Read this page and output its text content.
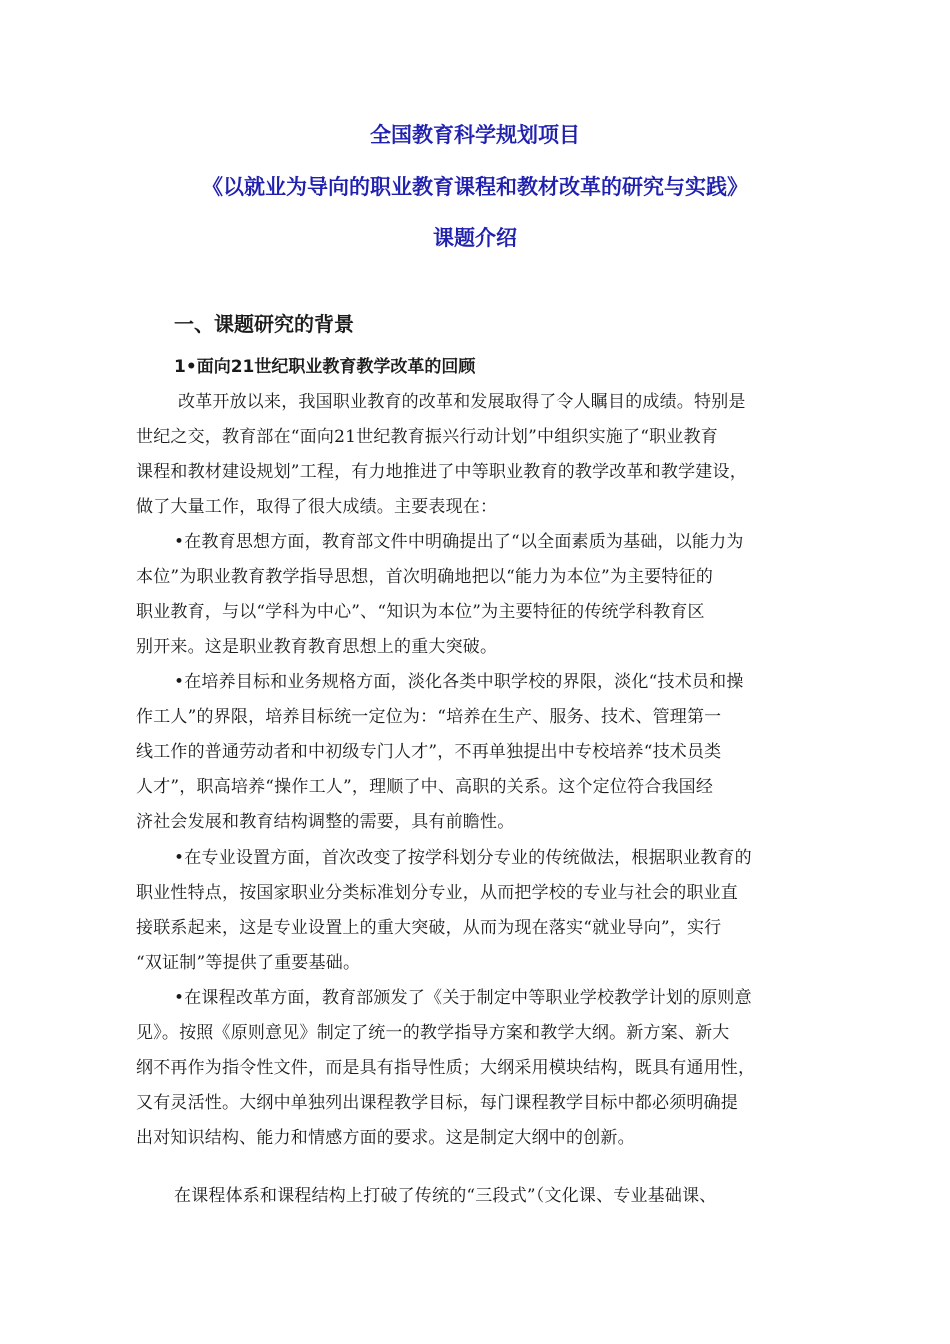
全国教育科学规划项目
《以就业为导向的职业教育课程和教材改革的研究与实践》
课题介绍
一、课题研究的背景
1•面向21世纪职业教育教学改革的回顾
改革开放以来，我国职业教育的改革和发展取得了令人瞩目的成绩。特别是
世纪之交，教育部在“面向21世纪教育振兴行动计划”中组织实施了“职业教育
课程和教材建设规划”工程，有力地推进了中等职业教育的教学改革和教学建设，
做了大量工作，取得了很大成绩。主要表现在：
•在教育思想方面，教育部文件中明确提出了“以全面素质为基础，以能力为
本位”为职业教育教学指导思想，首次明确地把以“能力为本位”为主要特征的
职业教育，与以“学科为中心”、“知识为本位”为主要特征的传统学科教育区
别开来。这是职业教育教育思想上的重大突破。
•在培养目标和业务规格方面，淡化各类中职学校的界限，淡化“技术员和操
作工人”的界限，培养目标统一定位为：“培养在生产、服务、技术、管理第一
线工作的普通劳动者和中初级专门人才”，不再单独提出中专校培养“技术员类
人才”，职高培养“操作工人”，理顺了中、高职的关系。这个定位符合我国经
济社会发展和教育结构调整的需要，具有前瞻性。
•在专业设置方面，首次改变了按学科划分专业的传统做法，根据职业教育的
职业性特点，按国家职业分类标准划分专业，从而把学校的专业与社会的职业直
接联系起来，这是专业设置上的重大突破，从而为现在落实“就业导向”，实行
“双证制”等提供了重要基础。
•在课程改革方面，教育部颁发了《关于制定中等职业学校教学计划的原则意
见》。按照《原则意见》制定了统一的教学指导方案和教学大纲。新方案、新大
纲不再作为指令性文件，而是具有指导性质；大纲采用模块结构，既具有通用性，
又有灵活性。大纲中单独列出课程教学目标，每门课程教学目标中都必须明确提
出对知识结构、能力和情感方面的要求。这是制定大纲中的创新。
在课程体系和课程结构上打破了传统的“三段式”（文化课、专业基础课、
